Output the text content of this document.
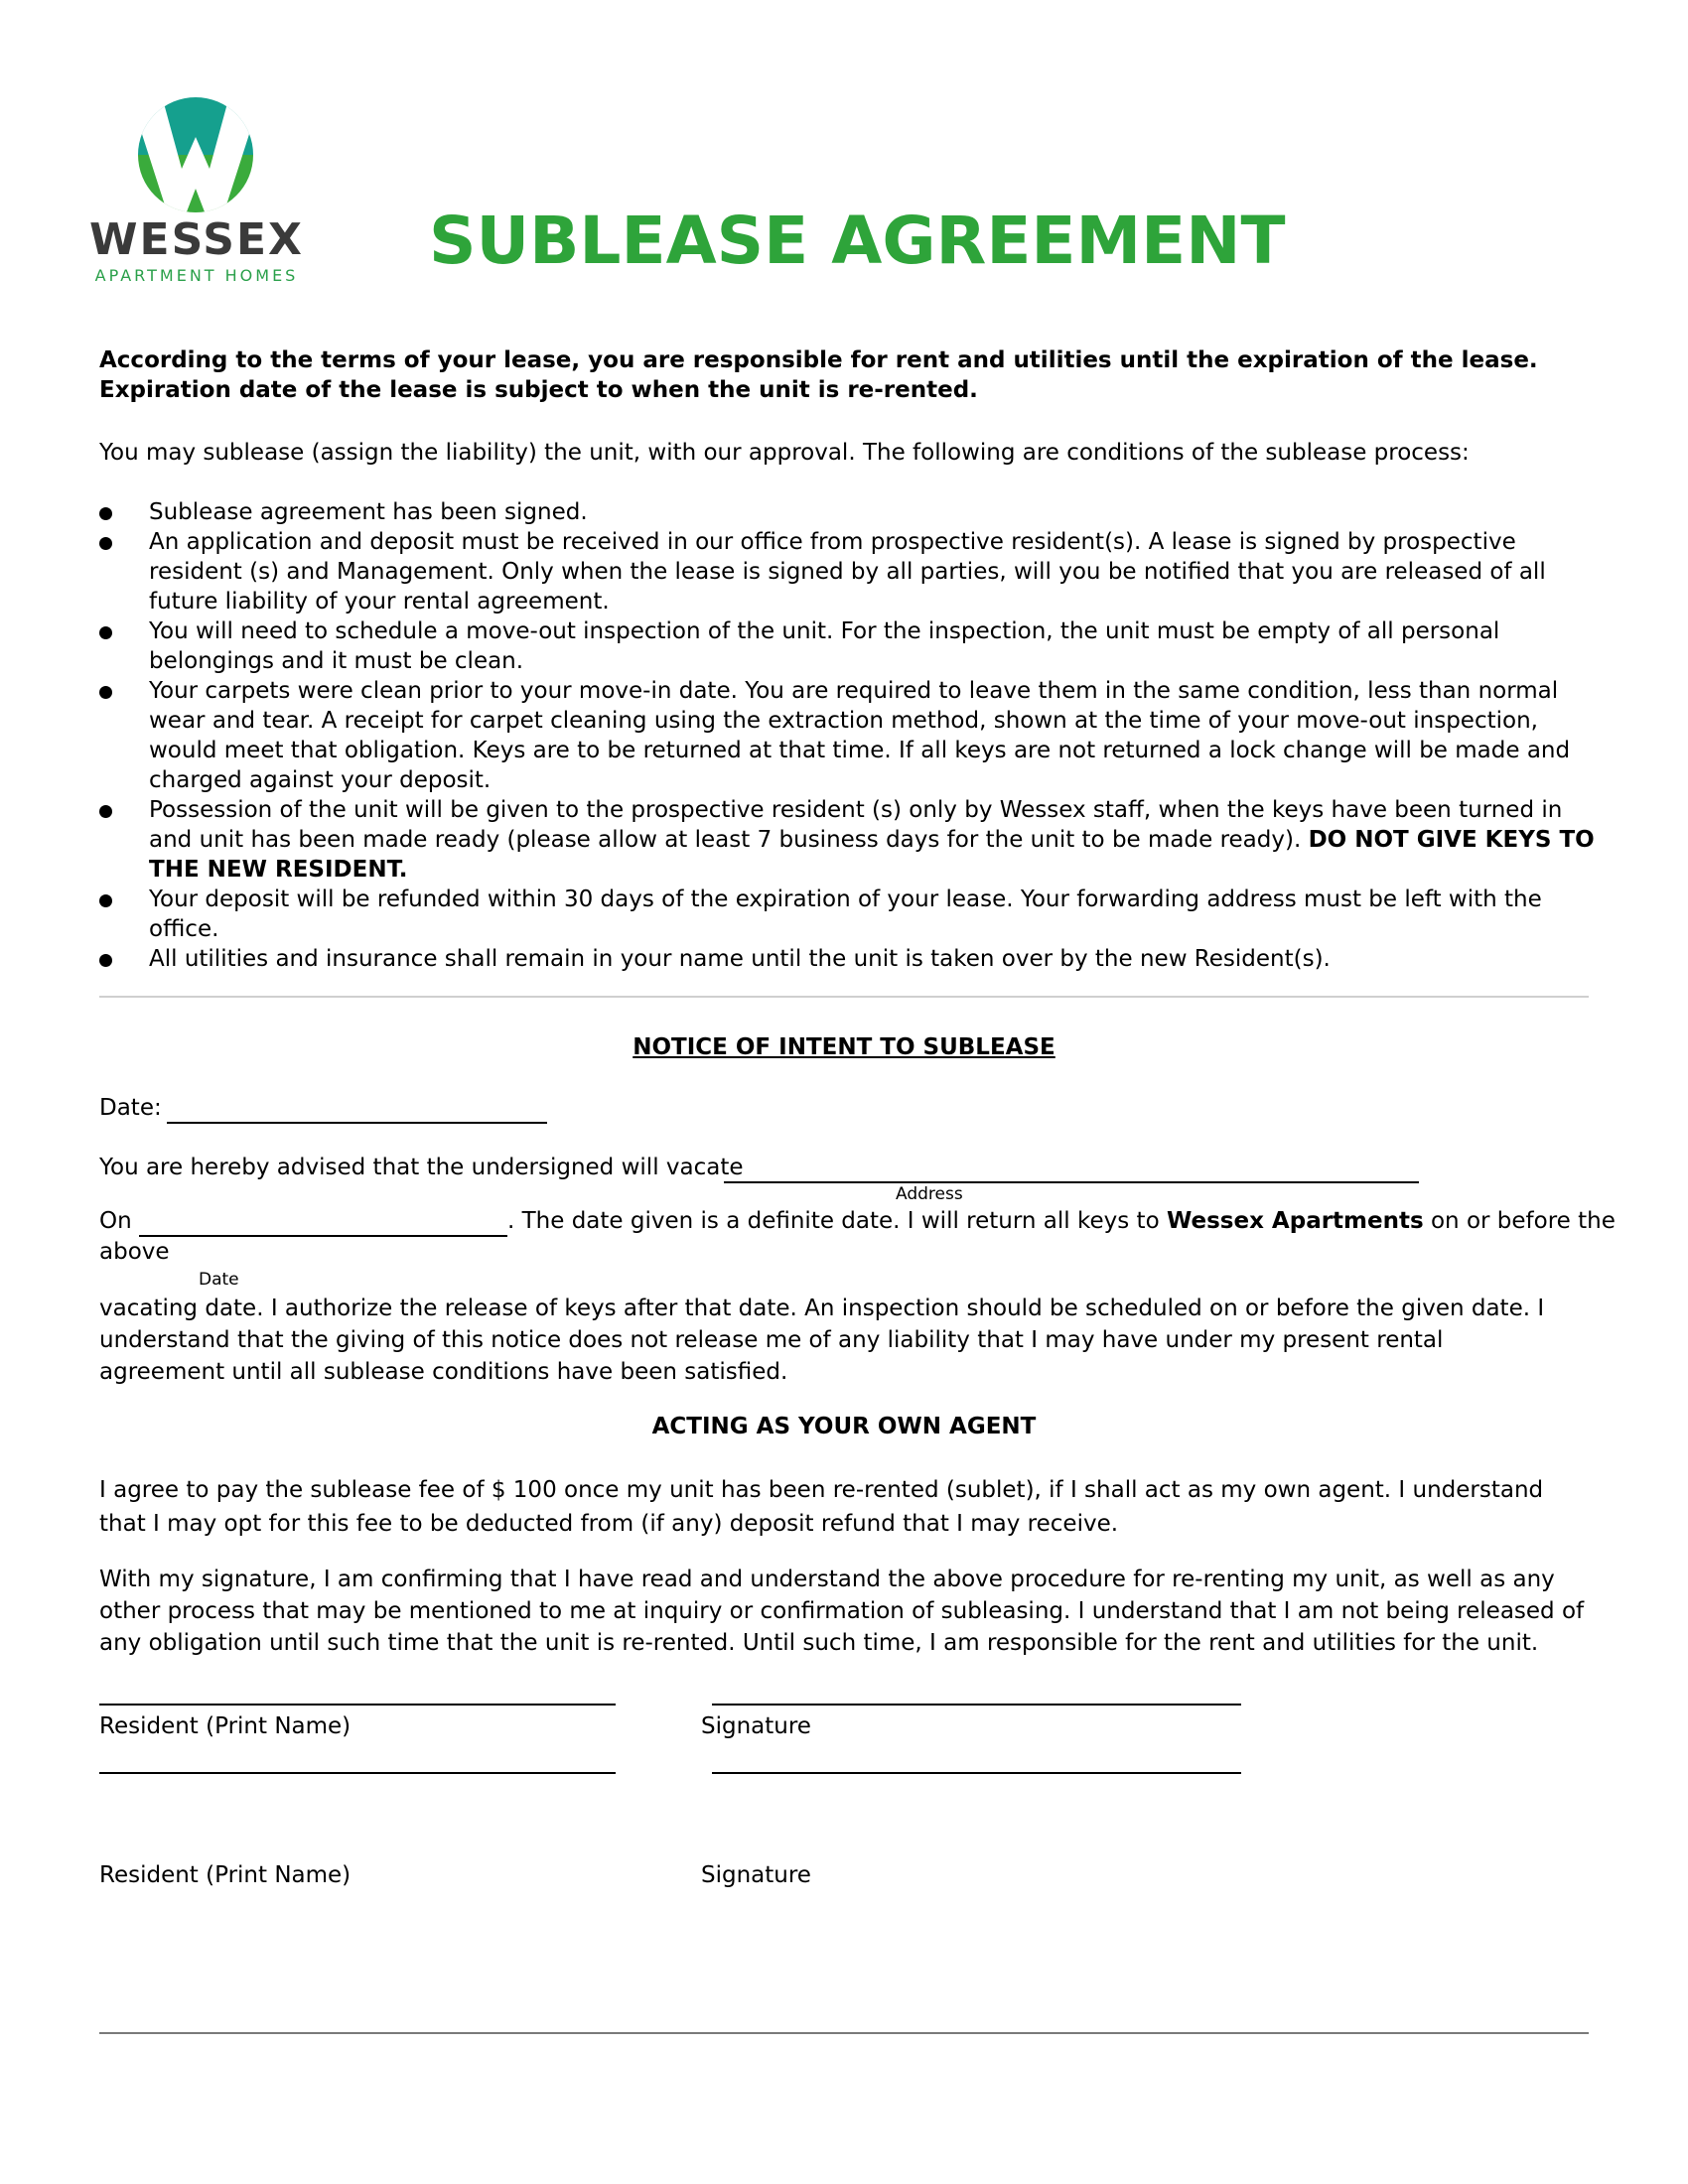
WESSEX
APARTMENT HOMES SUBLEASE AGREEMENT
According to the terms of your lease, you are responsible for rent and utilities until the expiration of the lease.
Expiration date of the lease is subject to when the unit is re-rented.
You may sublease (assign the liability) the unit, with our approval. The following are conditions of the sublease process:
Sublease agreement has been signed.
An application and deposit must be received in our office from prospective resident(s). A lease is signed by prospective resident (s) and Management. Only when the lease is signed by all parties, will you be notified that you are released of all future liability of your rental agreement.
You will need to schedule a move-out inspection of the unit. For the inspection, the unit must be empty of all personal belongings and it must be clean.
Your carpets were clean prior to your move-in date. You are required to leave them in the same condition, less than normal wear and tear. A receipt for carpet cleaning using the extraction method, shown at the time of your move-out inspection, would meet that obligation. Keys are to be returned at that time. If all keys are not returned a lock change will be made and charged against your deposit.
Possession of the unit will be given to the prospective resident (s) only by Wessex staff, when the keys have been turned in and unit has been made ready (please allow at least 7 business days for the unit to be made ready). DO NOT GIVE KEYS TO THE NEW RESIDENT.
Your deposit will be refunded within 30 days of the expiration of your lease. Your forwarding address must be left with the office.
All utilities and insurance shall remain in your name until the unit is taken over by the new Resident(s).
NOTICE OF INTENT TO SUBLEASE
Date:
You are hereby advised that the undersigned will vacate
Address
On	. The date given is a definite date. I will return all keys to Wessex Apartments on or before the
above
Date
vacating date. I authorize the release of keys after that date. An inspection should be scheduled on or before the given date. I understand that the giving of this notice does not release me of any liability that I may have under my present rental agreement until all sublease conditions have been satisfied.
ACTING AS YOUR OWN AGENT
I agree to pay the sublease fee of $ 100 once my unit has been re-rented (sublet), if I shall act as my own agent. I understand that I may opt for this fee to be deducted from (if any) deposit refund that I may receive.
With my signature, I am confirming that I have read and understand the above procedure for re-renting my unit, as well as any other process that may be mentioned to me at inquiry or confirmation of subleasing. I understand that I am not being released of any obligation until such time that the unit is re-rented. Until such time, I am responsible for the rent and utilities for the unit.
Resident (Print Name)	Signature
Resident (Print Name)	Signature
